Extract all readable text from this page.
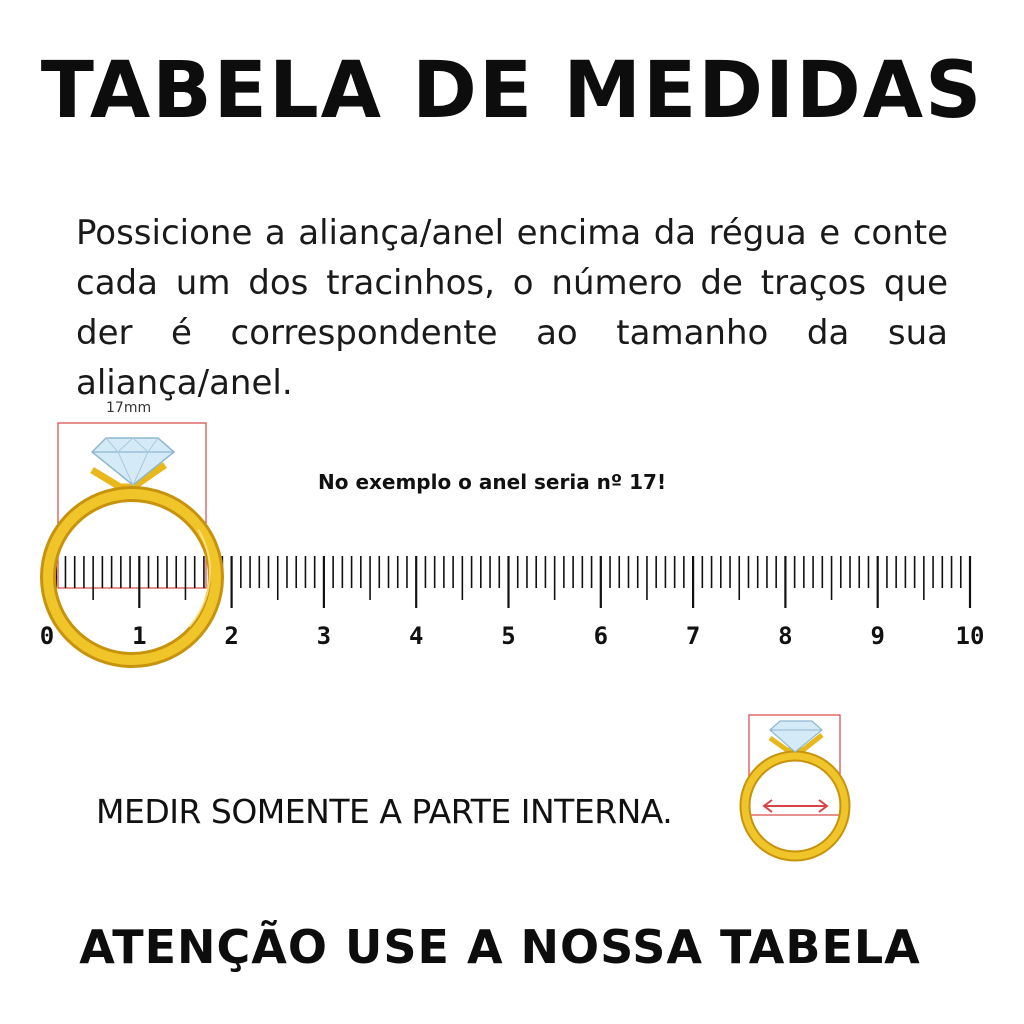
TABELA DE MEDIDAS

Possicione a aliança/anel encima da régua e conte cada um dos tracinhos, o número de traços que der é correspondente ao tamanho da sua aliança/anel.

17mm
No exemplo o anel seria nº 17!
0	1	2	3	4	5	6	7	8	9	10
MEDIR SOMENTE A PARTE INTERNA.
ATENÇÃO USE A NOSSA TABELA
